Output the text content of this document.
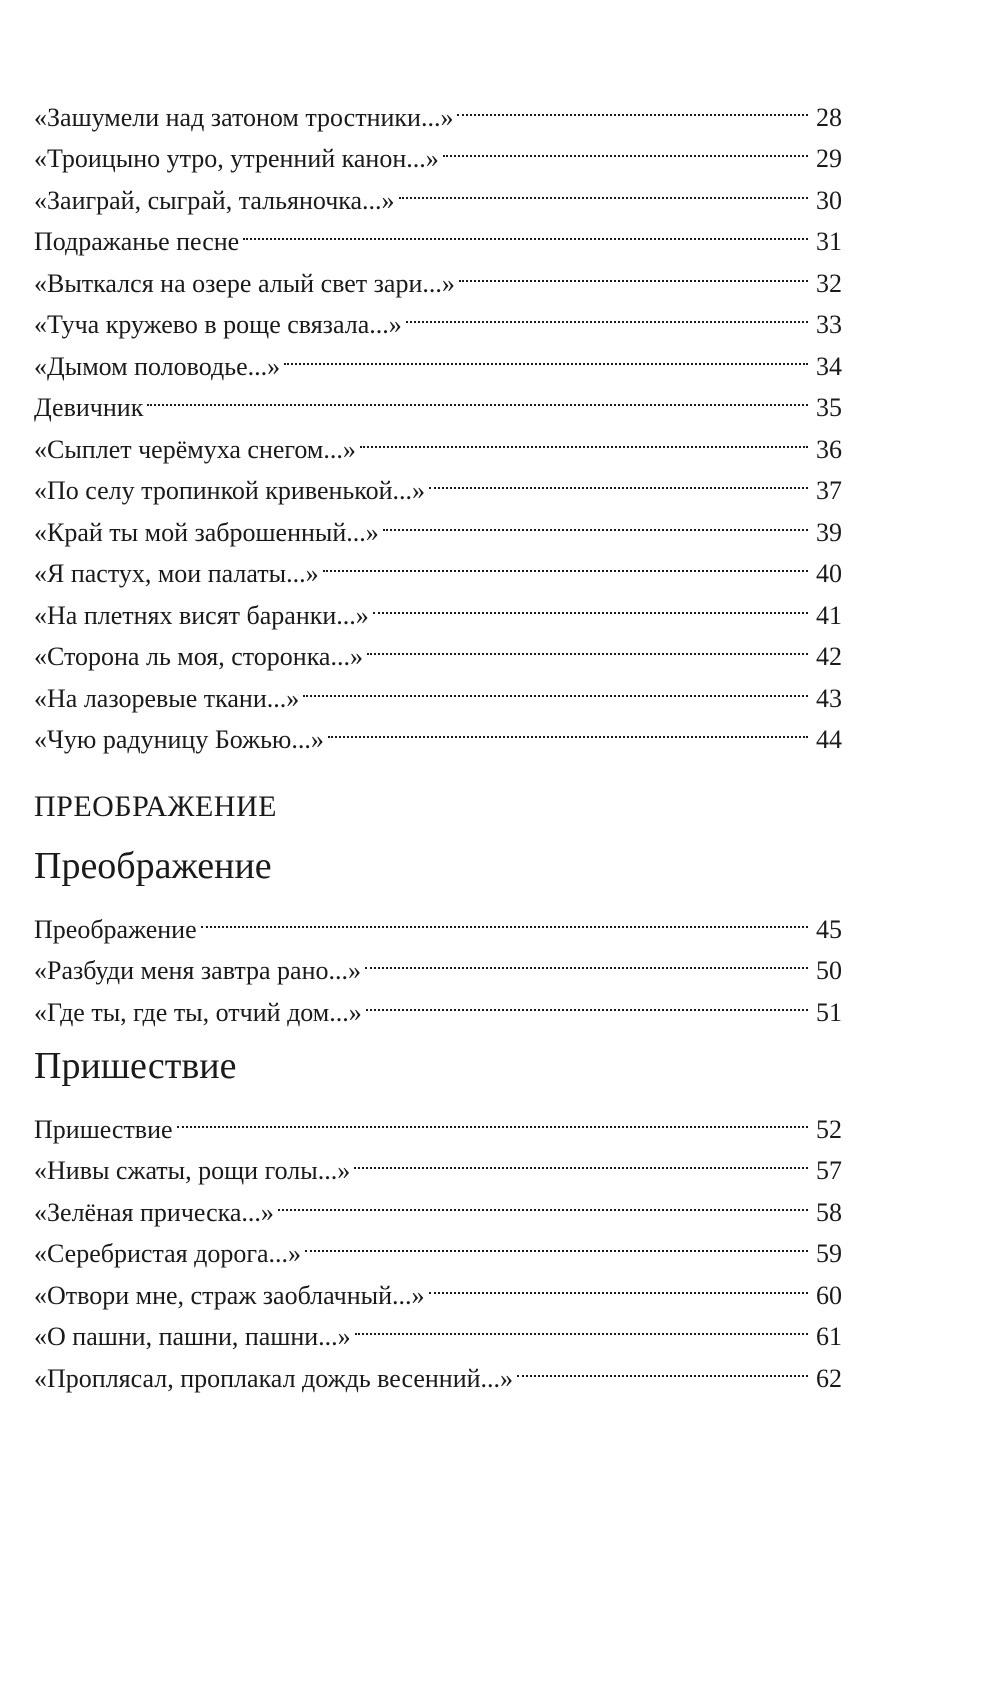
«Зашумели над затоном тростники...»	28
«Троицыно утро, утренний канон...»	29
«Заиграй, сыграй, тальяночка...»	30
Подражанье песне	31
«Выткался на озере алый свет зари...»	32
«Туча кружево в роще связала...»	33
«Дымом половодье...»	34
Девичник	35
«Сыплет черёмуха снегом...»	36
«По селу тропинкой кривенькой...»	37
«Край ты мой заброшенный...»	39
«Я пастух, мои палаты...»	40
«На плетнях висят баранки...»	41
«Сторона ль моя, сторонка...»	42
«На лазоревые ткани...»	43
«Чую радуницу Божью...»	44
ПРЕОБРАЖЕНИЕ
Преображение
Преображение	45
«Разбуди меня завтра рано...»	50
«Где ты, где ты, отчий дом...»	51
Пришествие
Пришествие	52
«Нивы сжаты, рощи голы...»	57
«Зелёная прическа...»	58
«Серебристая дорога...»	59
«Отвори мне, страж заоблачный...»	60
«О пашни, пашни, пашни...»	61
«Проплясал, проплакал дождь весенний...»	62
